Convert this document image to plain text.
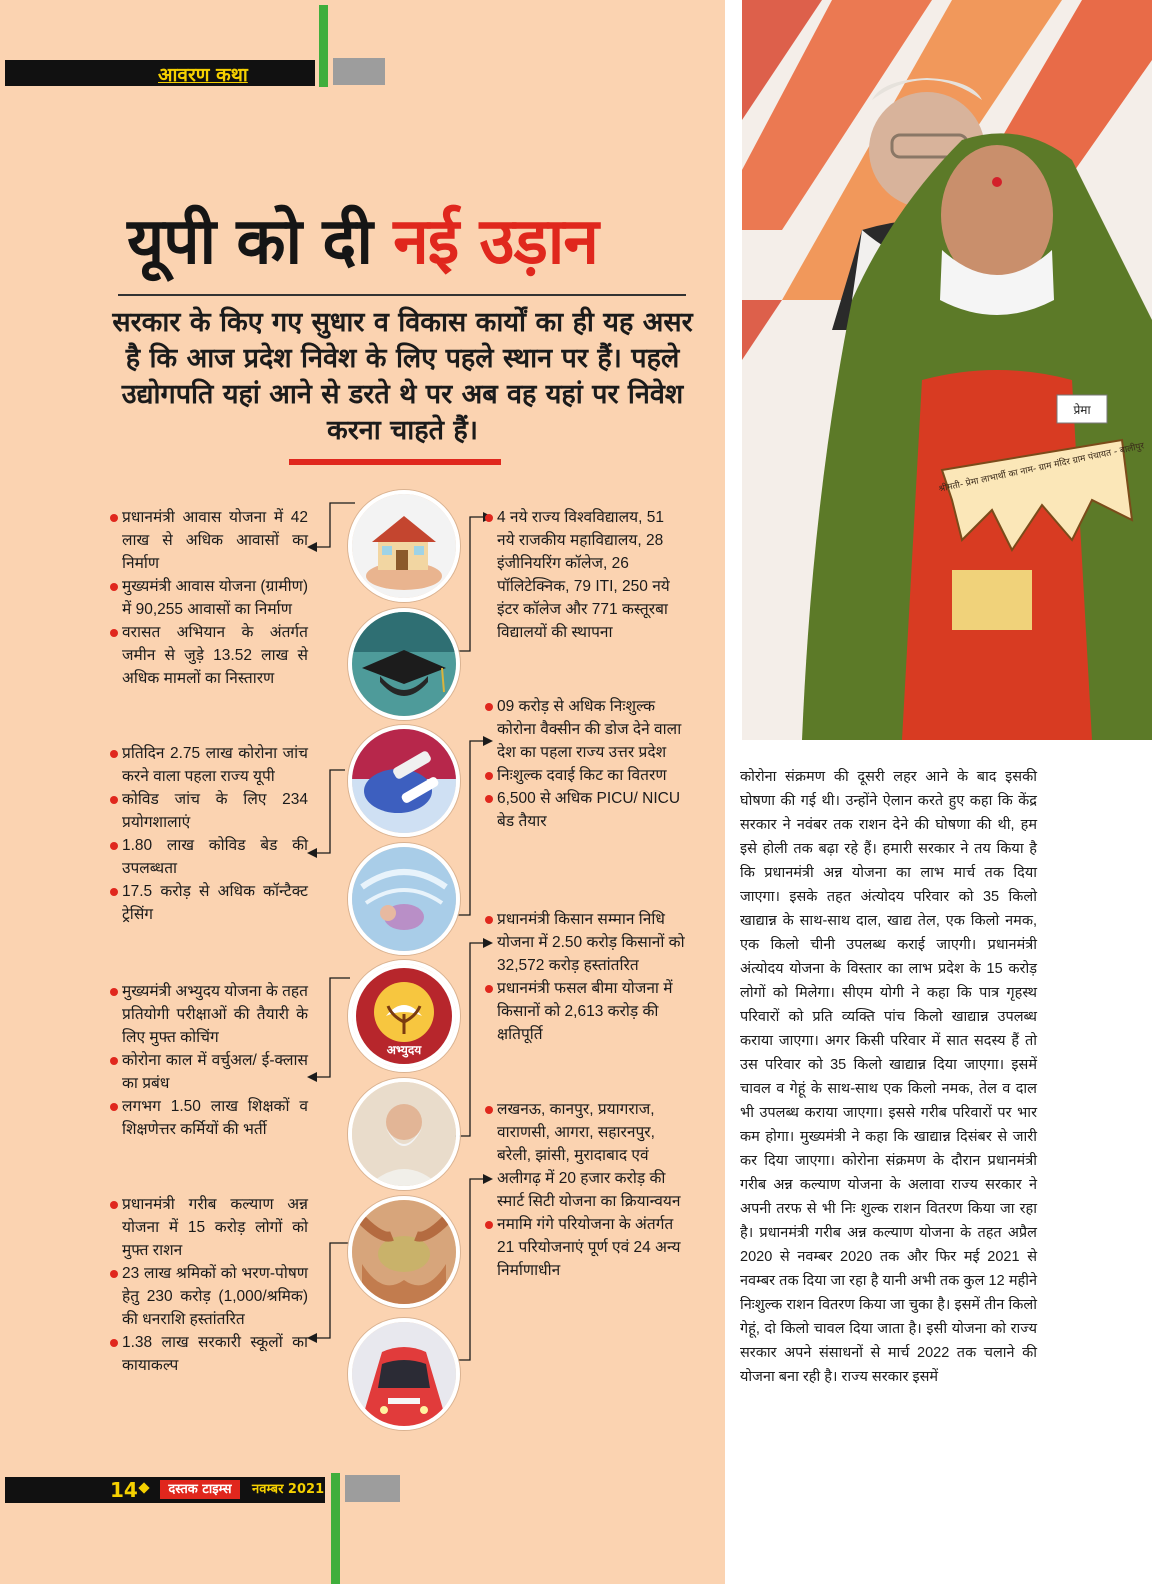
आवरण कथा
यूपी को दी नई उड़ान
सरकार के किए गए सुधार व विकास कार्यों का ही यह असर है कि आज प्रदेश निवेश के लिए पहले स्थान पर हैं। पहले उद्योगपति यहां आने से डरते थे पर अब वह यहां पर निवेश करना चाहते हैं।
प्रधानमंत्री आवास योजना में 42 लाख से अधिक आवासों का निर्माण
मुख्यमंत्री आवास योजना (ग्रामीण) में 90,255 आवासों का निर्माण
वरासत अभियान के अंतर्गत जमीन से जुड़े 13.52 लाख से अधिक मामलों का निस्तारण
प्रतिदिन 2.75 लाख कोरोना जांच करने वाला पहला राज्य यूपी
कोविड जांच के लिए 234 प्रयोगशालाएं
1.80 लाख कोविड बेड की उपलब्धता
17.5 करोड़ से अधिक कॉन्टैक्ट ट्रेसिंग
मुख्यमंत्री अभ्युदय योजना के तहत प्रतियोगी परीक्षाओं की तैयारी के लिए मुफ्त कोचिंग
कोरोना काल में वर्चुअल/ ई-क्लास का प्रबंध
लगभग 1.50 लाख शिक्षकों व शिक्षणेत्तर कर्मियों की भर्ती
प्रधानमंत्री गरीब कल्याण अन्न योजना में 15 करोड़ लोगों को मुफ्त राशन
23 लाख श्रमिकों को भरण-पोषण हेतु 230 करोड़ (1,000/श्रमिक) की धनराशि हस्तांतरित
1.38 लाख सरकारी स्कूलों का कायाकल्प
4 नये राज्य विश्वविद्यालय, 51 नये राजकीय महाविद्यालय, 28 इंजीनियरिंग कॉलेज, 26 पॉलिटेक्निक, 79 ITI, 250 नये इंटर कॉलेज और 771 कस्तूरबा विद्यालयों की स्थापना
09 करोड़ से अधिक निःशुल्क कोरोना वैक्सीन की डोज देने वाला देश का पहला राज्य उत्तर प्रदेश
निःशुल्क दवाई किट का वितरण
6,500 से अधिक PICU/ NICU बेड तैयार
प्रधानमंत्री किसान सम्मान निधि योजना में 2.50 करोड़ किसानों को 32,572 करोड़ हस्तांतरित
प्रधानमंत्री फसल बीमा योजना में किसानों को 2,613 करोड़ की क्षतिपूर्ति
लखनऊ, कानपुर, प्रयागराज, वाराणसी, आगरा, सहारनपुर, बरेली, झांसी, मुरादाबाद एवं अलीगढ़ में 20 हजार करोड़ की स्मार्ट सिटी योजना का क्रियान्वयन
नमामि गंगे परियोजना के अंतर्गत 21 परियोजनाएं पूर्ण एवं 24 अन्य निर्माणाधीन
अभ्युदय
श्रीमती- प्रेमा लाभार्थी का नाम- ग्राम मंदिर ग्राम पंचायत - बालीपुर
प्रेमा
कोरोना संक्रमण की दूसरी लहर आने के बाद इसकी घोषणा की गई थी। उन्होंने ऐलान करते हुए कहा कि केंद्र सरकार ने नवंबर तक राशन देने की घोषणा की थी, हम इसे होली तक बढ़ा रहे हैं। हमारी सरकार ने तय किया है कि प्रधानमंत्री अन्न योजना का लाभ मार्च तक दिया जाएगा। इसके तहत अंत्योदय परिवार को 35 किलो खाद्यान्न के साथ-साथ दाल, खाद्य तेल, एक किलो नमक, एक किलो चीनी उपलब्ध कराई जाएगी। प्रधानमंत्री अंत्योदय योजना के विस्तार का लाभ प्रदेश के 15 करोड़ लोगों को मिलेगा। सीएम योगी ने कहा कि पात्र गृहस्थ परिवारों को प्रति व्यक्ति पांच किलो खाद्यान्न उपलब्ध कराया जाएगा। अगर किसी परिवार में सात सदस्य हैं तो उस परिवार को 35 किलो खाद्यान्न दिया जाएगा। इसमें चावल व गेहूं के साथ-साथ एक किलो नमक, तेल व दाल भी उपलब्ध कराया जाएगा। इससे गरीब परिवारों पर भार कम होगा। मुख्यमंत्री ने कहा कि खाद्यान्न दिसंबर से जारी कर दिया जाएगा। कोरोना संक्रमण के दौरान प्रधानमंत्री गरीब अन्न कल्याण योजना के अलावा राज्य सरकार ने अपनी तरफ से भी निः शुल्क राशन वितरण किया जा रहा है। प्रधानमंत्री गरीब अन्न कल्याण योजना के तहत अप्रैल 2020 से नवम्बर 2020 तक और फिर मई 2021 से नवम्बर तक दिया जा रहा है यानी अभी तक कुल 12 महीने निःशुल्क राशन वितरण किया जा चुका है। इसमें तीन किलो गेहूं, दो किलो चावल दिया जाता है। इसी योजना को राज्य सरकार अपने संसाधनों से मार्च 2022 तक चलाने की योजना बना रही है। राज्य सरकार इसमें
14	दस्तक टाइम्स	नवम्बर 2021
